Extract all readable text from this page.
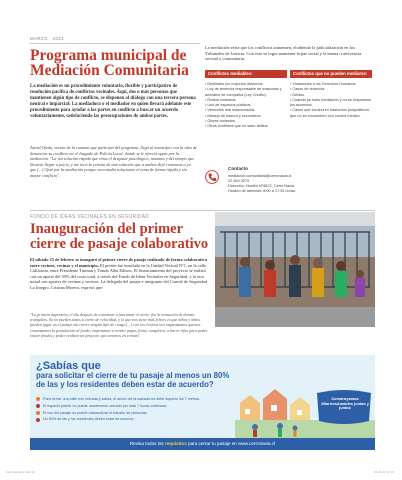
MARZO · 2023
Programa municipal de Mediación Comunitaria

La mediación es un procedimiento voluntario, flexible y participativo de resolución pacífica de conflictos vecinales. Aquí, dos o más personas que mantienen algún tipo de conflicto, se disponen al diálogo con una tercera persona neutral e imparcial: La mediadora o el mediador en quien llevará adelante este procedimiento para ayudar a las partes en conflicto a buscar un acuerdo voluntariamente, satisfaciendo las preocupaciones de ambas partes.

Astrid Ojeda, vecina de la comuna que participó del programa, llegó al municipio con la idea de denunciar su conflicto en el Juzgado de Policía Local, donde se le ofreció optar por la mediación. "La vía solución rápida que evita el desgaste psicológico, insumos y del tiempo que llevaría llegar a juicio, y me tocó la certeza de una solución que a ambos dejó contentas a yo que (...) Opté por la mediación porque necesitaba solucionar el tema de forma rápida y sin mayor conflicto".

La mediación evita que los conflictos aumenten, eludiendo la judicialización en los Tribunales de Justicia. Con esto se logra mantener la paz social y la buena convivencia vecinal y comunitaria.

Conflictos mediables:
• Deslindes y/o mojones divisorios.
• Ley de tenencia responsable de mascotas y animales de compañía (Ley Cholito).
• Ruidos molestos.
• Uso de espacios públicos.
• Vehículos mal estacionados.
• Manejo de basura y escombros.
• Olores molestos.
• Otros conflictos que no sean delitos.
Conflictos que no pueden mediarse:
• Violaciones a los Derechos Humanos.
• Casos de violencia.
• Delitos.
• Cuando ya hubo mediación y no se respetaron los acuerdos.
• Casos que involucren trastornos psiquiátricos que no se encuentren con control médico.
Contacto
mediacion.comunitaria@cerronavia.cl
22 963 3279
Dirección: Huelén N°8872, Cerro Navia.
Horario de atención: 8:00 a 17:30 horas.
FONDO DE IDEAS VECINALES EN SEGURIDAD
Inauguración del primer cierre de pasaje colaborativo

El sábado 25 de febrero se inauguró el primer cierre de pasaje realizado de forma colaborativa entre vecinos, vecinas y el municipio. El portón fue instalado en la Unidad Vecinal N°1, en la calle California, entre Presidente Truman y Tomás Alba Edison. El financiamiento del proyecto se realizó con un aporte del 50% del costo total, a través del Fondo de Ideas Vecinales en Seguridad, y la otra mitad con aportes de vecinas y vecinos. La delegada del pasaje e integrante del Comité de Seguridad Lo Integro, Cristina Morera, expresó que:

"La primera impresión, el día después de comenzar a funcionar el cierre, fue la sensación de dormir tranquilos. Ya no pueden autos a cierto de velocidad, y lo que nos tiene más felices es que niñas y niños pueden jugar en el pasaje sin correr ningún tipo de riesgo (...) con los vecinos nos organizamos quienes comenzamos la postulación al fondo, empezamos a vender papas fritas, completos, a hacer rifas para poder reunir fondos y poder realizar un proyecto que tenemos en común".

¿Sabías que
para solicitar el cierre de tu pasaje al menos un 80% de las y los residentes deben estar de acuerdo?
Para cerrar una calle con entrada y salida, el ancho de la calzada no debe superar los 7 metros.
El espacio puede no puede mantenerse cerrado por más 7 horas continuas.
El uso del pasaje no puede obstaculizar el tránsito de personas.
Un 80% de las y los residentes deben estar de acuerdo.
Construyamos #BarriosAmables juntas y juntos
Revisa todos los requisitos para cerrar tu pasaje en www.cerronavia.cl
barrio-amable.indd 10	09-03-23 17:38
